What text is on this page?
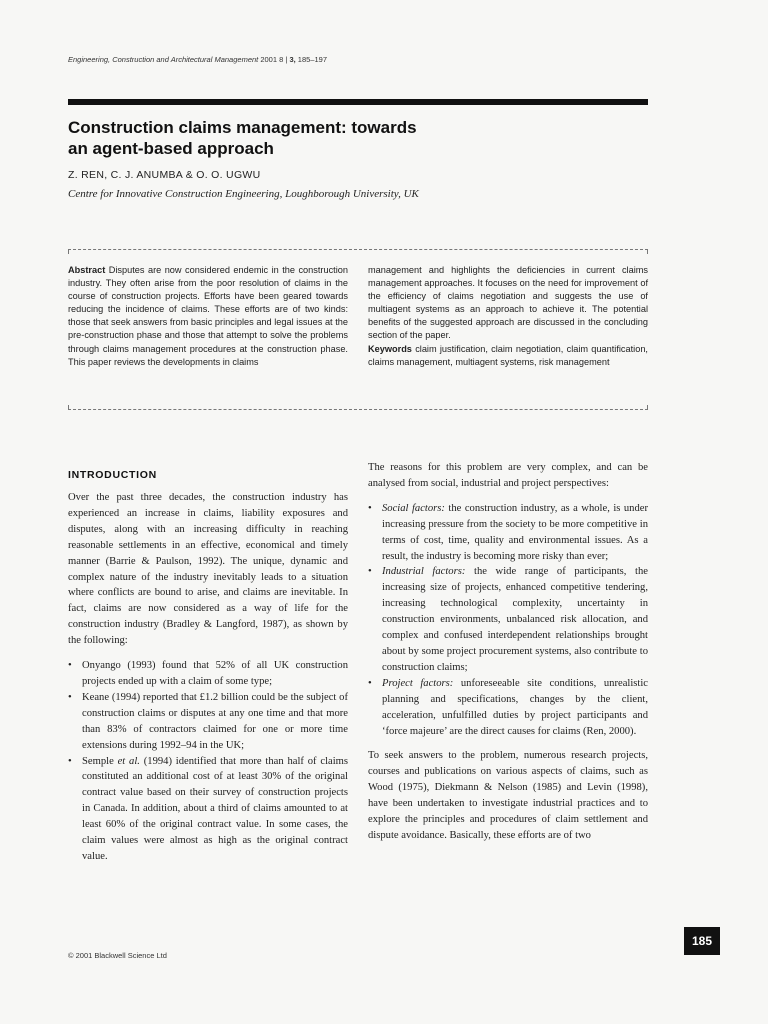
Engineering, Construction and Architectural Management 2001 8 | 3, 185–197
Construction claims management: towards
an agent-based approach
Z. REN, C. J. ANUMBA & O. O. UGWU
Centre for Innovative Construction Engineering, Loughborough University, UK
Abstract Disputes are now considered endemic in the construction industry. They often arise from the poor resolution of claims in the course of construction projects. Efforts have been geared towards reducing the incidence of claims. These efforts are of two kinds: those that seek answers from basic principles and legal issues at the pre-construction phase and those that attempt to solve the problems through claims management procedures at the construction phase. This paper reviews the developments in claims
management and highlights the deficiencies in current claims management approaches. It focuses on the need for improvement of the efficiency of claims negotiation and suggests the use of multiagent systems as an approach to achieve it. The potential benefits of the suggested approach are discussed in the concluding section of the paper.
Keywords claim justification, claim negotiation, claim quantification, claims management, multiagent systems, risk management
INTRODUCTION

Over the past three decades, the construction industry has experienced an increase in claims, liability exposures and disputes, along with an increasing difficulty in reaching reasonable settlements in an effective, economical and timely manner (Barrie & Paulson, 1992). The unique, dynamic and complex nature of the industry inevitably leads to a situation where conflicts are bound to arise, and claims are inevitable. In fact, claims are now considered as a way of life for the construction industry (Bradley & Langford, 1987), as shown by the following:

• Onyango (1993) found that 52% of all UK construction projects ended up with a claim of some type;
• Keane (1994) reported that £1.2 billion could be the subject of construction claims or disputes at any one time and that more than 83% of contractors claimed for one or more time extensions during 1992–94 in the UK;
• Semple et al. (1994) identified that more than half of claims constituted an additional cost of at least 30% of the original contract value based on their survey of construction projects in Canada. In addition, about a third of claims amounted to at least 60% of the original contract value. In some cases, the claim values were almost as high as the original contract value.

The reasons for this problem are very complex, and can be analysed from social, industrial and project perspectives:

• Social factors: the construction industry, as a whole, is under increasing pressure from the society to be more competitive in terms of cost, time, quality and environmental issues. As a result, the industry is becoming more risky than ever;
• Industrial factors: the wide range of participants, the increasing size of projects, enhanced competitive tendering, increasing technological complexity, uncertainty in construction environments, unbalanced risk allocation, and complex and confused interdependent relationships brought about by some project procurement systems, also contribute to construction claims;
• Project factors: unforeseeable site conditions, unrealistic planning and specifications, changes by the client, acceleration, unfulfilled duties by project participants and ‘force majeure’ are the direct causes for claims (Ren, 2000).

To seek answers to the problem, numerous research projects, courses and publications on various aspects of claims, such as Wood (1975), Diekmann & Nelson (1985) and Levin (1998), have been undertaken to investigate industrial practices and to explore the principles and procedures of claim settlement and dispute avoidance. Basically, these efforts are of two

© 2001 Blackwell Science Ltd
185
